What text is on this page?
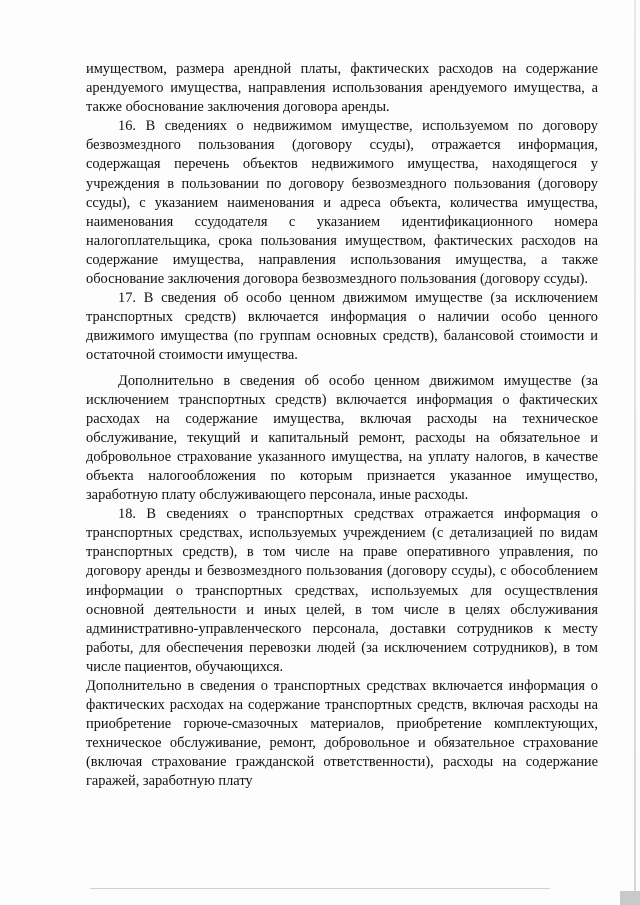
имуществом, размера арендной платы, фактических расходов на содержание арендуемого имущества, направления использования арендуемого имущества, а также обоснование заключения договора аренды.

16. В сведениях о недвижимом имуществе, используемом по договору безвозмездного пользования (договору ссуды), отражается информация, содержащая перечень объектов недвижимого имущества, находящегося у учреждения в пользовании по договору безвозмездного пользования (договору ссуды), с указанием наименования и адреса объекта, количества имущества, наименования ссудодателя с указанием идентификационного номера налогоплательщика, срока пользования имуществом, фактических расходов на содержание имущества, направления использования имущества, а также обоснование заключения договора безвозмездного пользования (договору ссуды).

17. В сведения об особо ценном движимом имуществе (за исключением транспортных средств) включается информация о наличии особо ценного движимого имущества (по группам основных средств), балансовой стоимости и остаточной стоимости имущества.

Дополнительно в сведения об особо ценном движимом имуществе (за исключением транспортных средств) включается информация о фактических расходах на содержание имущества, включая расходы на техническое обслуживание, текущий и капитальный ремонт, расходы на обязательное и добровольное страхование указанного имущества, на уплату налогов, в качестве объекта налогообложения по которым признается указанное имущество, заработную плату обслуживающего персонала, иные расходы.

18. В сведениях о транспортных средствах отражается информация о транспортных средствах, используемых учреждением (с детализацией по видам транспортных средств), в том числе на праве оперативного управления, по договору аренды и безвозмездного пользования (договору ссуды), с обособлением информации о транспортных средствах, используемых для осуществления основной деятельности и иных целей, в том числе в целях обслуживания административно-управленческого персонала, доставки сотрудников к месту работы, для обеспечения перевозки людей (за исключением сотрудников), в том числе пациентов, обучающихся.

Дополнительно в сведения о транспортных средствах включается информация о фактических расходах на содержание транспортных средств, включая расходы на приобретение горюче-смазочных материалов, приобретение комплектующих, техническое обслуживание, ремонт, добровольное и обязательное страхование (включая страхование гражданской ответственности), расходы на содержание гаражей, заработную плату
